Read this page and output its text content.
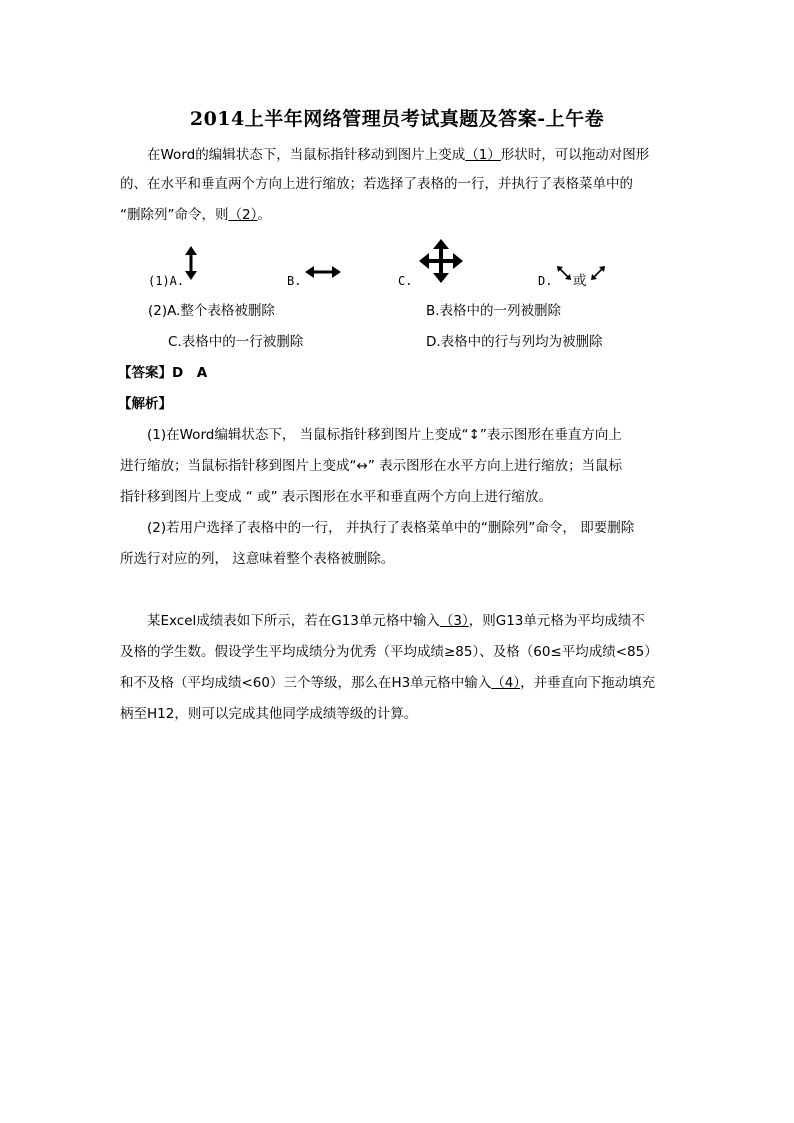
2014上半年网络管理员考试真题及答案-上午卷
在Word的编辑状态下，当鼠标指针移动到图片上变成（1）形状时，可以拖动对图形
的、在水平和垂直两个方向上进行缩放；若选择了表格的一行，并执行了表格菜单中的
“删除列”命令，则（2）。
(1)A.	B.	C.	D. 或
(2)A.整个表格被删除	B.表格中的一列被删除
C.表格中的一行被删除	D.表格中的行与列均为被删除
【答案】D　A
【解析】
(1)在Word编辑状态下， 当鼠标指针移到图片上变成“↕”表示图形在垂直方向上
进行缩放；当鼠标指针移到图片上变成“↔” 表示图形在水平方向上进行缩放；当鼠标
指针移到图片上变成 “ 或” 表示图形在水平和垂直两个方向上进行缩放。
(2)若用户选择了表格中的一行， 并执行了表格菜单中的“删除列”命令， 即要删除
所选行对应的列， 这意味着整个表格被删除。
某Excel成绩表如下所示，若在G13单元格中输入（3），则G13单元格为平均成绩不
及格的学生数。假设学生平均成绩分为优秀（平均成绩≥85）、及格（60≤平均成绩<85）
和不及格（平均成绩<60）三个等级，那么在H3单元格中输入（4），并垂直向下拖动填充
柄至H12，则可以完成其他同学成绩等级的计算。
